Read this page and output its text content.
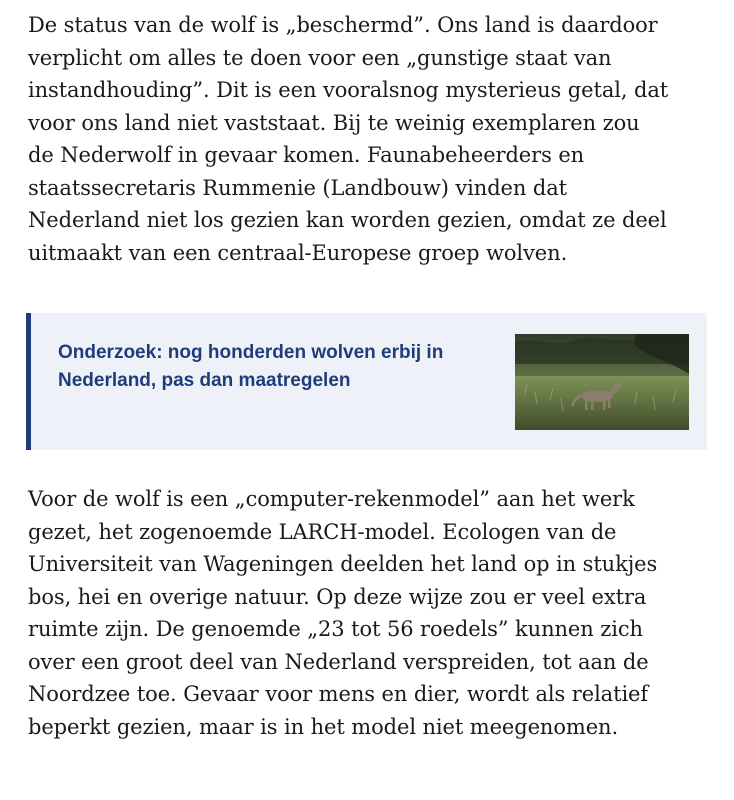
De status van de wolf is „beschermd”. Ons land is daardoor
verplicht om alles te doen voor een „gunstige staat van
instandhouding”. Dit is een vooralsnog mysterieus getal, dat
voor ons land niet vaststaat. Bij te weinig exemplaren zou
de Nederwolf in gevaar komen. Faunabeheerders en
staatssecretaris Rummenie (Landbouw) vinden dat
Nederland niet los gezien kan worden gezien, omdat ze deel
uitmaakt van een centraal-Europese groep wolven.

Onderzoek: nog honderden wolven erbij in
Nederland, pas dan maatregelen

Voor de wolf is een „computer-rekenmodel” aan het werk
gezet, het zogenoemde LARCH-model. Ecologen van de
Universiteit van Wageningen deelden het land op in stukjes
bos, hei en overige natuur. Op deze wijze zou er veel extra
ruimte zijn. De genoemde „23 tot 56 roedels” kunnen zich
over een groot deel van Nederland verspreiden, tot aan de
Noordzee toe. Gevaar voor mens en dier, wordt als relatief
beperkt gezien, maar is in het model niet meegenomen.
